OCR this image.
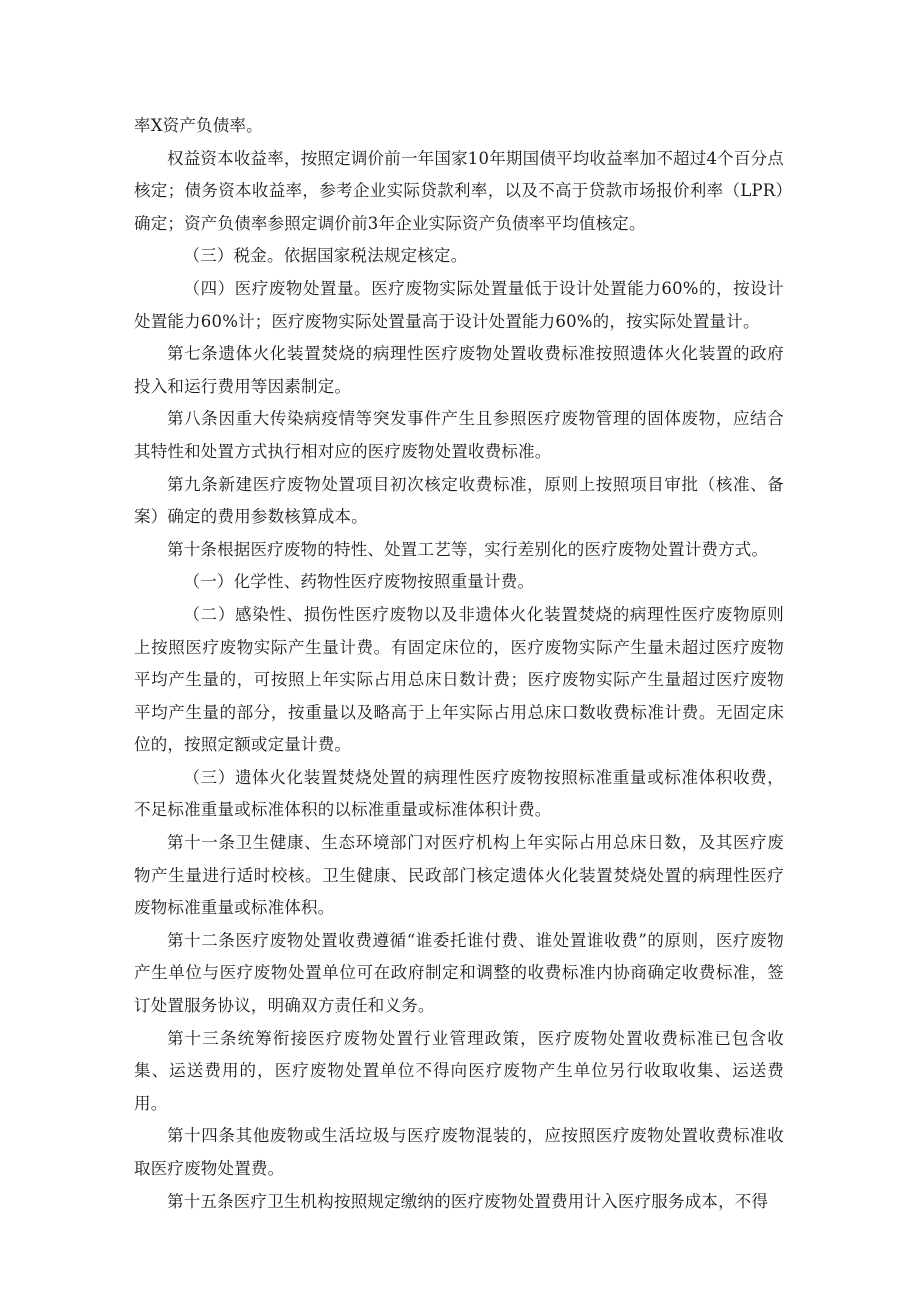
率X资产负债率。

权益资本收益率，按照定调价前一年国家10年期国债平均收益率加不超过4个百分点核定；债务资本收益率，参考企业实际贷款利率，以及不高于贷款市场报价利率（LPR）确定；资产负债率参照定调价前3年企业实际资产负债率平均值核定。

（三）税金。依据国家税法规定核定。

（四）医疗废物处置量。医疗废物实际处置量低于设计处置能力60%的，按设计处置能力60%计；医疗废物实际处置量高于设计处置能力60%的，按实际处置量计。

第七条遗体火化装置焚烧的病理性医疗废物处置收费标准按照遗体火化装置的政府投入和运行费用等因素制定。

第八条因重大传染病疫情等突发事件产生且参照医疗废物管理的固体废物，应结合其特性和处置方式执行相对应的医疗废物处置收费标准。

第九条新建医疗废物处置项目初次核定收费标准，原则上按照项目审批（核准、备案）确定的费用参数核算成本。

第十条根据医疗废物的特性、处置工艺等，实行差别化的医疗废物处置计费方式。

（一）化学性、药物性医疗废物按照重量计费。

（二）感染性、损伤性医疗废物以及非遗体火化装置焚烧的病理性医疗废物原则上按照医疗废物实际产生量计费。有固定床位的，医疗废物实际产生量未超过医疗废物平均产生量的，可按照上年实际占用总床日数计费；医疗废物实际产生量超过医疗废物平均产生量的部分，按重量以及略高于上年实际占用总床口数收费标准计费。无固定床位的，按照定额或定量计费。

（三）遗体火化装置焚烧处置的病理性医疗废物按照标准重量或标准体积收费，不足标准重量或标准体积的以标准重量或标准体积计费。

第十一条卫生健康、生态环境部门对医疗机构上年实际占用总床日数，及其医疗废物产生量进行适时校核。卫生健康、民政部门核定遗体火化装置焚烧处置的病理性医疗废物标准重量或标准体积。

第十二条医疗废物处置收费遵循“谁委托谁付费、谁处置谁收费”的原则，医疗废物产生单位与医疗废物处置单位可在政府制定和调整的收费标准内协商确定收费标准，签订处置服务协议，明确双方责任和义务。

第十三条统筹衔接医疗废物处置行业管理政策，医疗废物处置收费标准已包含收集、运送费用的，医疗废物处置单位不得向医疗废物产生单位另行收取收集、运送费用。

第十四条其他废物或生活垃圾与医疗废物混装的，应按照医疗废物处置收费标准收取医疗废物处置费。

第十五条医疗卫生机构按照规定缴纳的医疗废物处置费用计入医疗服务成本，不得
